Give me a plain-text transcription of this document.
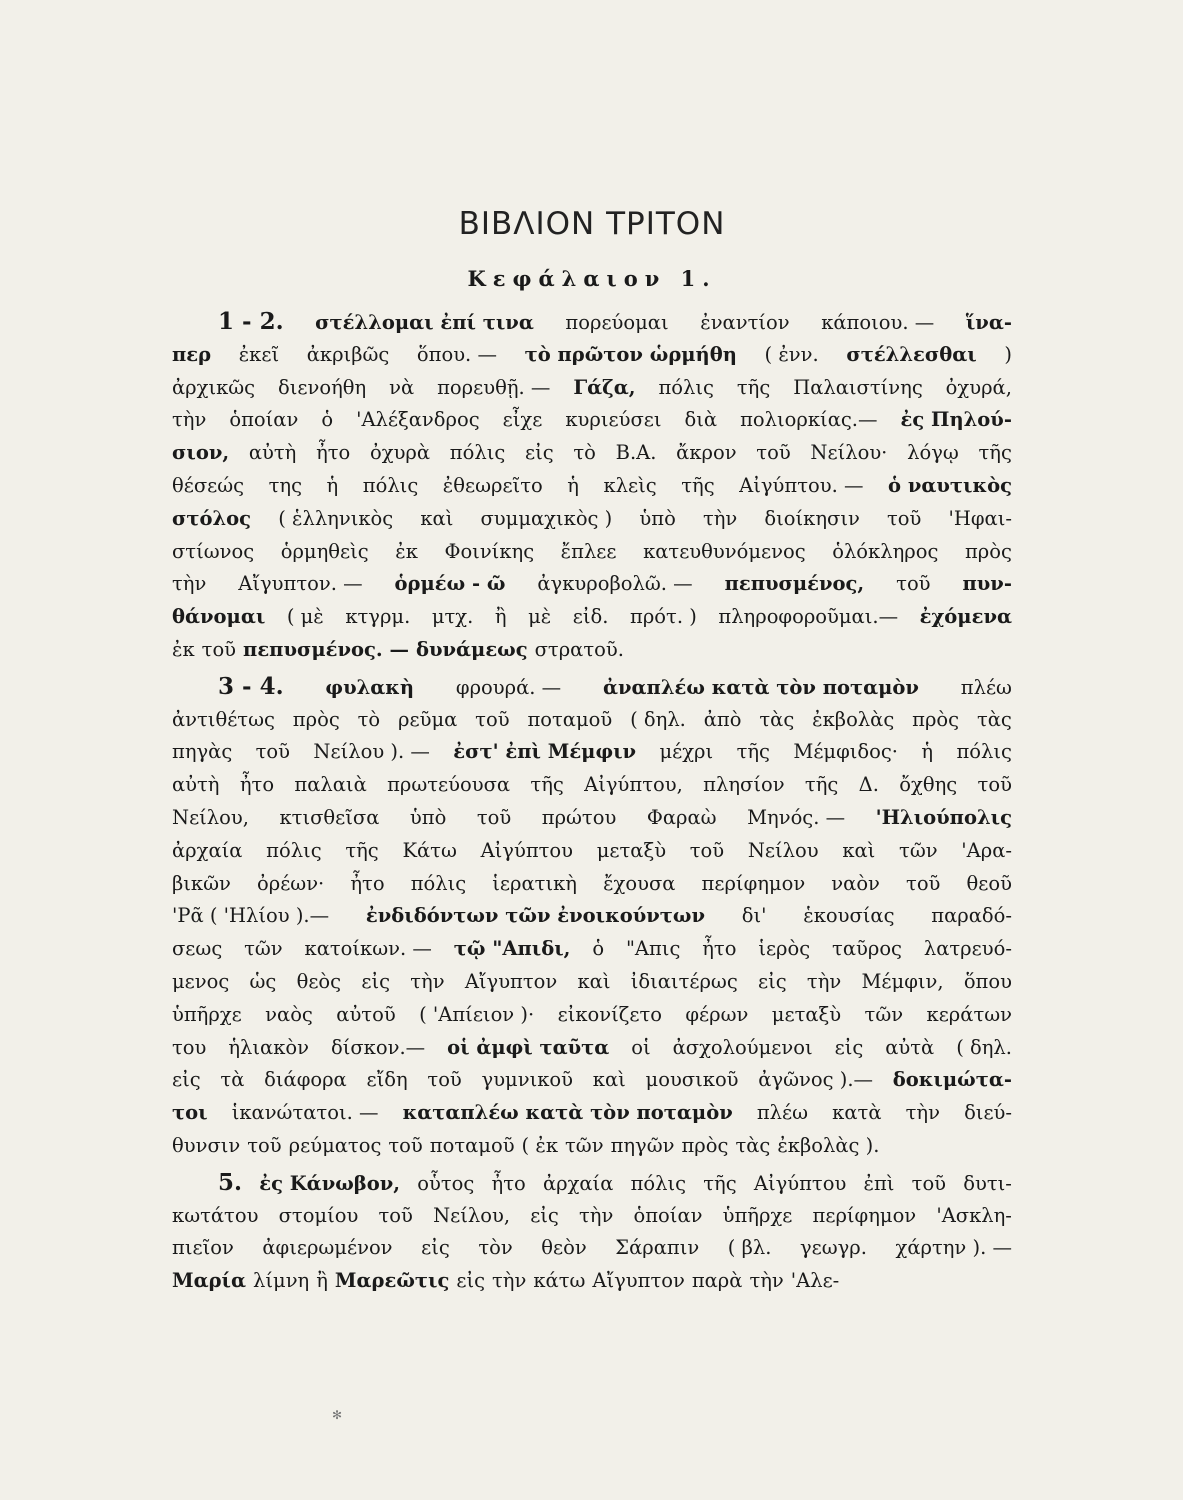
ΒΙΒΛΙΟΝ ΤΡΙΤΟΝ
Κεφάλαιον 1.
1 - 2. στέλλομαι ἐπί τινα πορεύομαι ἐναντίον κάποιου. — ἵνα-
περ ἐκεῖ ἀκριβῶς ὅπου. — τὸ πρῶτον ὡρμήθη ( ἐνν. στέλλεσθαι )
ἀρχικῶς διενοήθη νὰ πορευθῇ. — Γάζα, πόλις τῆς Παλαιστίνης ὀχυρά,
τὴν ὁποίαν ὁ 'Αλέξανδρος εἶχε κυριεύσει διὰ πολιορκίας.— ἐς Πηλού-
σιον, αὐτὴ ἦτο ὀχυρὰ πόλις εἰς τὸ Β.Α. ἄκρον τοῦ Νείλου· λόγῳ τῆς
θέσεώς της ἡ πόλις ἐθεωρεῖτο ἡ κλεὶς τῆς Αἰγύπτου. — ὁ ναυτικὸς
στόλος ( ἑλληνικὸς καὶ συμμαχικὸς ) ὑπὸ τὴν διοίκησιν τοῦ 'Ηφαι-
στίωνος ὁρμηθεὶς ἐκ Φοινίκης ἔπλεε κατευθυνόμενος ὁλόκληρος πρὸς
τὴν Αἴγυπτον. — ὁρμέω - ῶ ἀγκυροβολῶ. — πεπυσμένος, τοῦ πυν-
θάνομαι ( μὲ κτγρμ. μτχ. ἢ μὲ εἰδ. πρότ. ) πληροφοροῦμαι.— ἐχόμενα
ἐκ τοῦ πεπυσμένος. — δυνάμεως στρατοῦ.
3 - 4. φυλακὴ φρουρά. — ἀναπλέω κατὰ τὸν ποταμὸν πλέω
ἀντιθέτως πρὸς τὸ ρεῦμα τοῦ ποταμοῦ ( δηλ. ἀπὸ τὰς ἐκβολὰς πρὸς τὰς
πηγὰς τοῦ Νείλου ). — ἐστ' ἐπὶ Μέμφιν μέχρι τῆς Μέμφιδος· ἡ πόλις
αὐτὴ ἦτο παλαιὰ πρωτεύουσα τῆς Αἰγύπτου, πλησίον τῆς Δ. ὄχθης τοῦ
Νείλου, κτισθεῖσα ὑπὸ τοῦ πρώτου Φαραὼ Μηνός. — 'Ηλιούπολις
ἀρχαία πόλις τῆς Κάτω Αἰγύπτου μεταξὺ τοῦ Νείλου καὶ τῶν 'Αρα-
βικῶν ὀρέων· ἦτο πόλις ἱερατικὴ ἔχουσα περίφημον ναὸν τοῦ θεοῦ
'Ρᾶ ( 'Ηλίου ).— ἐνδιδόντων τῶν ἐνοικούντων δι' ἑκουσίας παραδό-
σεως τῶν κατοίκων. — τῷ "Απιδι, ὁ "Απις ἦτο ἱερὸς ταῦρος λατρευό-
μενος ὡς θεὸς εἰς τὴν Αἴγυπτον καὶ ἰδιαιτέρως εἰς τὴν Μέμφιν, ὅπου
ὑπῆρχε ναὸς αὐτοῦ ( 'Απίειον )· εἰκονίζετο φέρων μεταξὺ τῶν κεράτων
του ἡλιακὸν δίσκον.— οἱ ἀμφὶ ταῦτα οἱ ἀσχολούμενοι εἰς αὐτὰ ( δηλ.
εἰς τὰ διάφορα εἴδη τοῦ γυμνικοῦ καὶ μουσικοῦ ἀγῶνος ).— δοκιμώτα-
τοι ἱκανώτατοι. — καταπλέω κατὰ τὸν ποταμὸν πλέω κατὰ τὴν διεύ-
θυνσιν τοῦ ρεύματος τοῦ ποταμοῦ ( ἐκ τῶν πηγῶν πρὸς τὰς ἐκβολὰς ).
5. ἐς Κάνωβον, οὗτος ἦτο ἀρχαία πόλις τῆς Αἰγύπτου ἐπὶ τοῦ δυτι-
κωτάτου στομίου τοῦ Νείλου, εἰς τὴν ὁποίαν ὑπῆρχε περίφημον 'Ασκλη-
πιεῖον ἀφιερωμένον εἰς τὸν θεὸν Σάραπιν ( βλ. γεωγρ. χάρτην ). —
Μαρία λίμνη ἢ Μαρεῶτις εἰς τὴν κάτω Αἴγυπτον παρὰ τὴν 'Αλε-
✻
